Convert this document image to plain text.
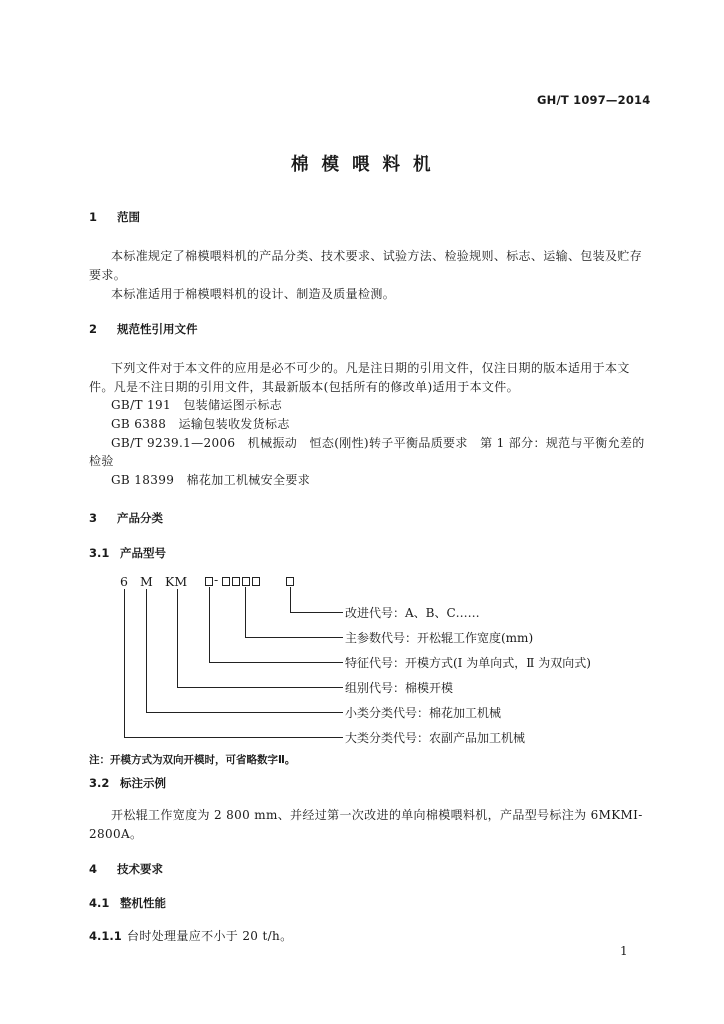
GH/T 1097—2014
棉模喂料机
1 范围
本标准规定了棉模喂料机的产品分类、技术要求、试验方法、检验规则、标志、运输、包装及贮存
要求。
本标准适用于棉模喂料机的设计、制造及质量检测。
2 规范性引用文件
下列文件对于本文件的应用是必不可少的。凡是注日期的引用文件，仅注日期的版本适用于本文
件。凡是不注日期的引用文件，其最新版本(包括所有的修改单)适用于本文件。
GB/T 191　包装储运图示标志
GB 6388　运输包装收发货标志
GB/T 9239.1—2006　机械振动　恒态(刚性)转子平衡品质要求　第 1 部分：规范与平衡允差的
检验
GB 18399　棉花加工机械安全要求
3 产品分类
3.1 产品型号
6 M KM -
改进代号：A、B、C……
主参数代号：开松辊工作宽度(mm)
特征代号：开模方式(Ⅰ 为单向式，Ⅱ 为双向式)
组别代号：棉模开模
小类分类代号：棉花加工机械
大类分类代号：农副产品加工机械
注：开模方式为双向开模时，可省略数字Ⅱ。
3.2 标注示例
开松辊工作宽度为 2 800 mm、并经过第一次改进的单向棉模喂料机，产品型号标注为 6MKMⅠ-
2800A。
4 技术要求
4.1 整机性能
4.1.1 台时处理量应不小于 20 t/h。
1
